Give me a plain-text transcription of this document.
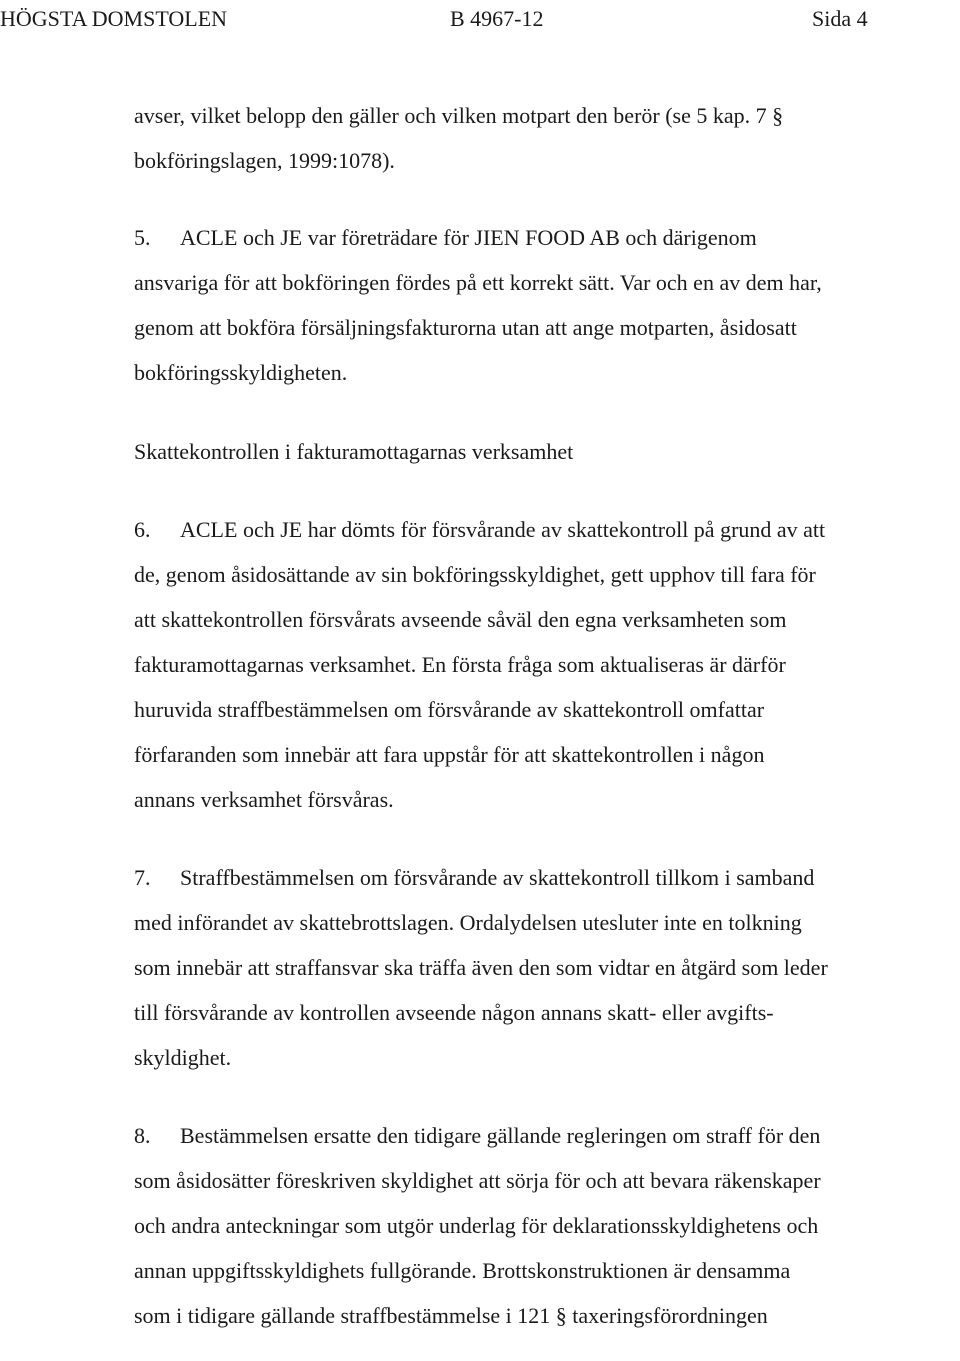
HÖGSTA DOMSTOLEN	B 4967-12	Sida 4
avser, vilket belopp den gäller och vilken motpart den berör (se 5 kap. 7 §
bokföringslagen, 1999:1078).
5. ACLE och JE var företrädare för JIEN FOOD AB och därigenom
ansvariga för att bokföringen fördes på ett korrekt sätt. Var och en av dem har,
genom att bokföra försäljningsfakturorna utan att ange motparten, åsidosatt
bokföringsskyldigheten.
Skattekontrollen i fakturamottagarnas verksamhet
6. ACLE och JE har dömts för försvårande av skattekontroll på grund av att
de, genom åsidosättande av sin bokföringsskyldighet, gett upphov till fara för
att skattekontrollen försvårats avseende såväl den egna verksamheten som
fakturamottagarnas verksamhet. En första fråga som aktualiseras är därför
huruvida straffbestämmelsen om försvårande av skattekontroll omfattar
förfaranden som innebär att fara uppstår för att skattekontrollen i någon
annans verksamhet försvåras.
7. Straffbestämmelsen om försvårande av skattekontroll tillkom i samband
med införandet av skattebrottslagen. Ordalydelsen utesluter inte en tolkning
som innebär att straffansvar ska träffa även den som vidtar en åtgärd som leder
till försvårande av kontrollen avseende någon annans skatt- eller avgifts-
skyldighet.
8. Bestämmelsen ersatte den tidigare gällande regleringen om straff för den
som åsidosätter föreskriven skyldighet att sörja för och att bevara räkenskaper
och andra anteckningar som utgör underlag för deklarationsskyldighetens och
annan uppgiftsskyldighets fullgörande. Brottskonstruktionen är densamma
som i tidigare gällande straffbestämmelse i 121 § taxeringsförordningen
